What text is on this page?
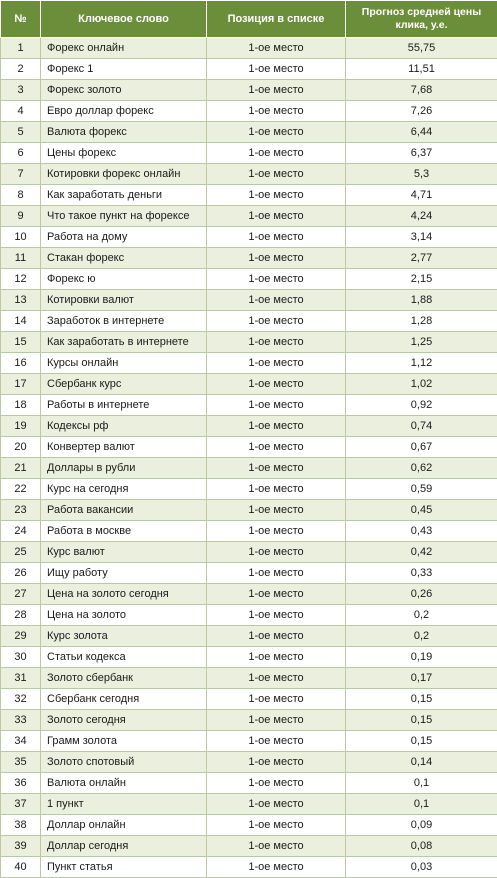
№	Ключевое слово	Позиция в списке	Прогноз средней цены клика, у.е.
1	Форекс онлайн	1-ое место	55,75
2	Форекс 1	1-ое место	11,51
3	Форекс золото	1-ое место	7,68
4	Евро доллар форекс	1-ое место	7,26
5	Валюта форекс	1-ое место	6,44
6	Цены форекс	1-ое место	6,37
7	Котировки форекс онлайн	1-ое место	5,3
8	Как заработать деньги	1-ое место	4,71
9	Что такое пункт на форексе	1-ое место	4,24
10	Работа на дому	1-ое место	3,14
11	Стакан форекс	1-ое место	2,77
12	Форекс ю	1-ое место	2,15
13	Котировки валют	1-ое место	1,88
14	Заработок в интернете	1-ое место	1,28
15	Как заработать в интернете	1-ое место	1,25
16	Курсы онлайн	1-ое место	1,12
17	Сбербанк курс	1-ое место	1,02
18	Работы в интернете	1-ое место	0,92
19	Кодексы рф	1-ое место	0,74
20	Конвертер валют	1-ое место	0,67
21	Доллары в рубли	1-ое место	0,62
22	Курс на сегодня	1-ое место	0,59
23	Работа вакансии	1-ое место	0,45
24	Работа в москве	1-ое место	0,43
25	Курс валют	1-ое место	0,42
26	Ищу работу	1-ое место	0,33
27	Цена на золото сегодня	1-ое место	0,26
28	Цена на золото	1-ое место	0,2
29	Курс золота	1-ое место	0,2
30	Статьи кодекса	1-ое место	0,19
31	Золото сбербанк	1-ое место	0,17
32	Сбербанк сегодня	1-ое место	0,15
33	Золото сегодня	1-ое место	0,15
34	Грамм золота	1-ое место	0,15
35	Золото спотовый	1-ое место	0,14
36	Валюта онлайн	1-ое место	0,1
37	1 пункт	1-ое место	0,1
38	Доллар онлайн	1-ое место	0,09
39	Доллар сегодня	1-ое место	0,08
40	Пункт статья	1-ое место	0,03
